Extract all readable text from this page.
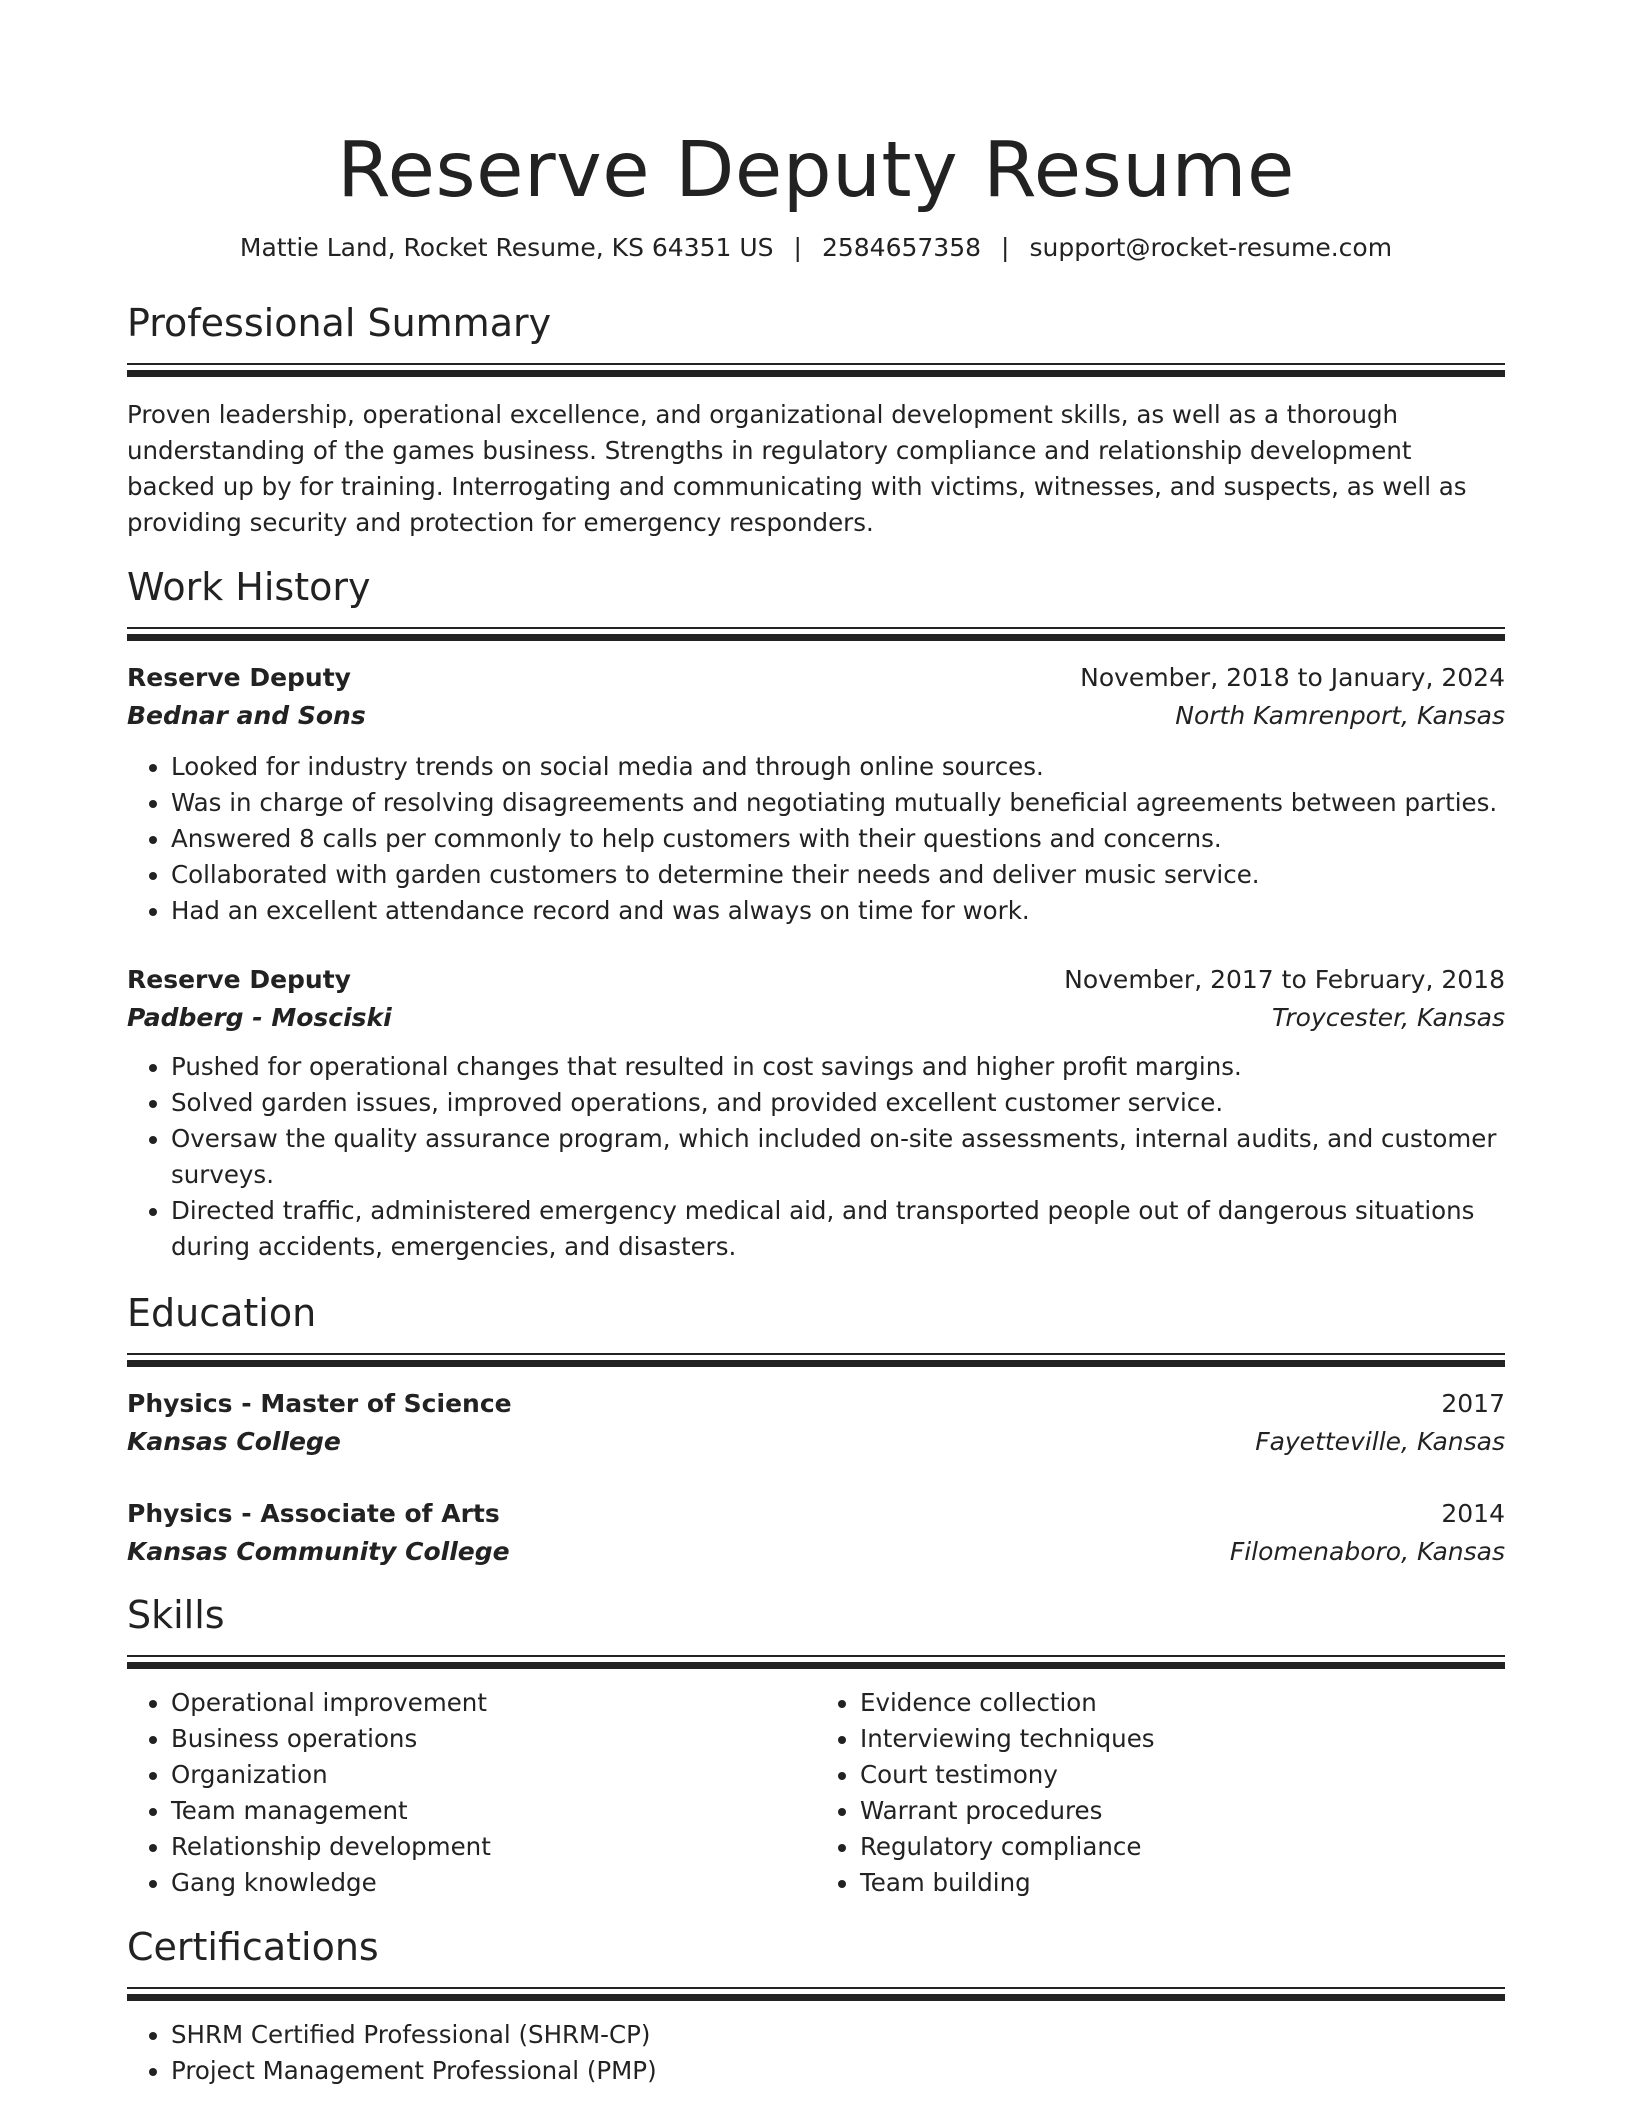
Reserve Deputy Resume
Mattie Land, Rocket Resume, KS 64351 US | 2584657358 | support@rocket-resume.com
Professional Summary
Proven leadership, operational excellence, and organizational development skills, as well as a thorough understanding of the games business. Strengths in regulatory compliance and relationship development backed up by for training. Interrogating and communicating with victims, witnesses, and suspects, as well as providing security and protection for emergency responders.
Work History
Reserve Deputy	November, 2018 to January, 2024
Bednar and Sons	North Kamrenport, Kansas
• Looked for industry trends on social media and through online sources.
• Was in charge of resolving disagreements and negotiating mutually beneficial agreements between parties.
• Answered 8 calls per commonly to help customers with their questions and concerns.
• Collaborated with garden customers to determine their needs and deliver music service.
• Had an excellent attendance record and was always on time for work.
Reserve Deputy	November, 2017 to February, 2018
Padberg - Mosciski	Troycester, Kansas
• Pushed for operational changes that resulted in cost savings and higher profit margins.
• Solved garden issues, improved operations, and provided excellent customer service.
• Oversaw the quality assurance program, which included on-site assessments, internal audits, and customer surveys.
• Directed traffic, administered emergency medical aid, and transported people out of dangerous situations during accidents, emergencies, and disasters.
Education
Physics - Master of Science	2017
Kansas College	Fayetteville, Kansas
Physics - Associate of Arts	2014
Kansas Community College	Filomenaboro, Kansas
Skills
• Operational improvement
• Business operations
• Organization
• Team management
• Relationship development
• Gang knowledge
• Evidence collection
• Interviewing techniques
• Court testimony
• Warrant procedures
• Regulatory compliance
• Team building
Certifications
• SHRM Certified Professional (SHRM-CP)
• Project Management Professional (PMP)
